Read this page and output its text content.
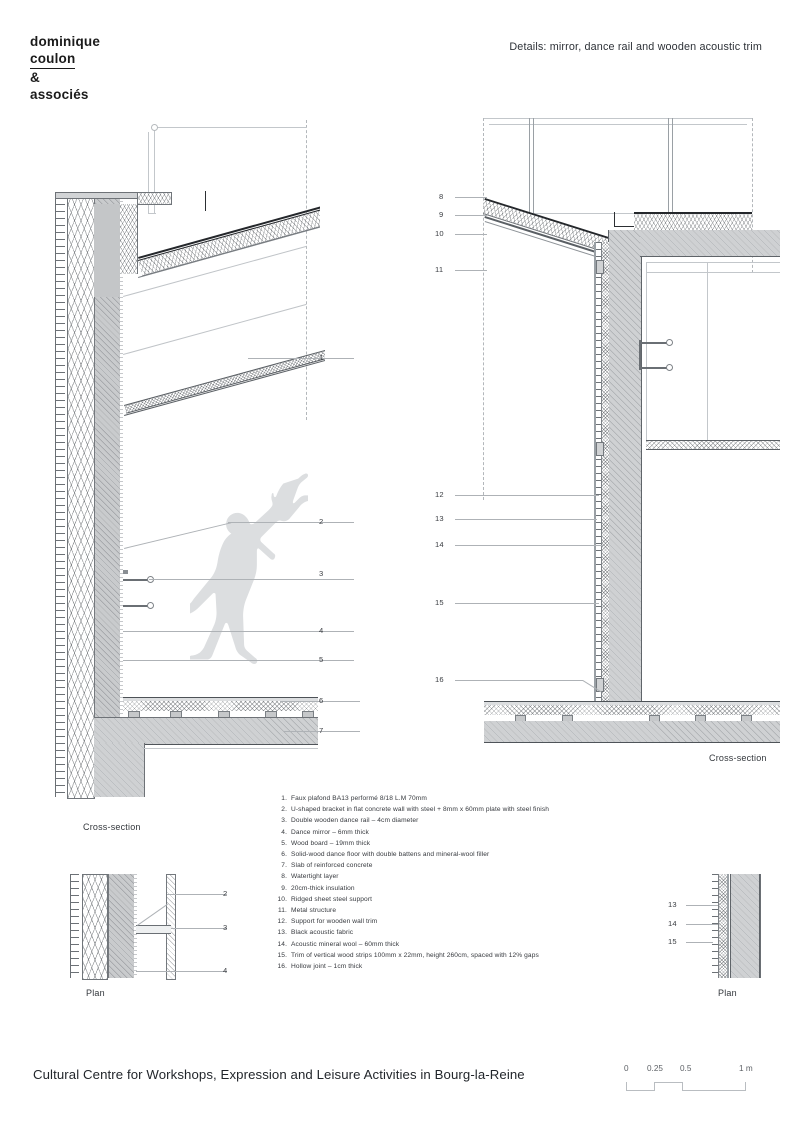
dominique
coulon
&
associés
Details: mirror, dance rail and wooden acoustic trim
1
2
3
4
5
6
7
Cross-section
8
9
10
11
12
13
14
15
16
Cross-section
2
3
4
Plan
13
14
15
Plan
1. Faux plafond BA13 performé 8/18 L.M 70mm
2. U-shaped bracket in flat concrete wall with steel + 8mm x 60mm plate with steel finish
3. Double wooden dance rail – 4cm diameter
4. Dance mirror – 6mm thick
5. Wood board – 19mm thick
6. Solid-wood dance floor with double battens and mineral-wool filler
7. Slab of reinforced concrete
8. Watertight layer
9. 20cm-thick insulation
10. Ridged sheet steel support
11. Metal structure
12. Support for wooden wall trim
13. Black acoustic fabric
14. Acoustic mineral wool – 60mm thick
15. Trim of vertical wood strips 100mm x 22mm, height 260cm, spaced with 12% gaps
16. Hollow joint – 1cm thick
Cultural Centre for Workshops, Expression and Leisure Activities in Bourg-la-Reine	0 0.25 0.5	1 m
